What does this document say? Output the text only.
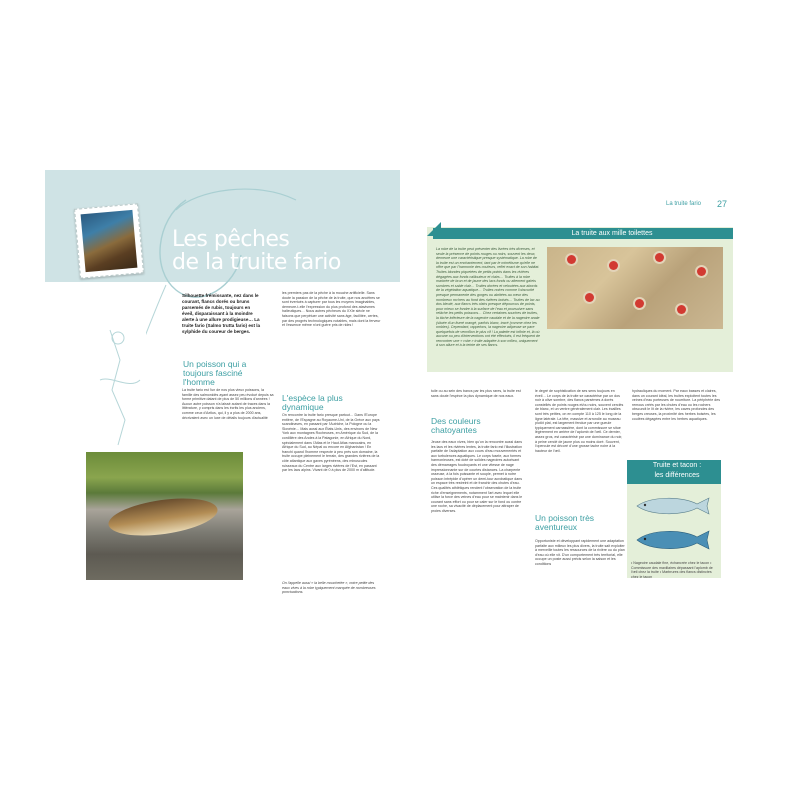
Les pêches
de la truite fario
Silhouette frémissante, nez dans le courant, flancs dorés ou bruns parsemés de rubis, toujours en éveil, disparaissant à la moindre alerte à une allure prodigieuse… La truite fario (Salmo trutta fario) est la sylphide du coureur de berges.
Un poisson qui a toujours fasciné l'homme
La truite fario est l'un de nos plus vieux poissons, la famille des salmonidés ayant assez peu évolué depuis sa forme primitive datant de plus de 50 millions d'années ! Aucun autre poisson n'a laissé autant de traces dans la littérature, y compris dans les écrits les plus anciens, comme ceux d'Aelius, qui, il y a plus de 2000 ans, décrivaient avec un luxe de détails toujours d'actualité
les premiers pas de la pêche à la mouche artificielle. Sans doute la passion de la pêche de la truite, que nos ancêtres se sont évertués à capturer par tous les moyens imaginables, demeure-t-elle l'expression du plus profond des atavismes halieutiques… Nous autres pêcheurs du XXIe siècle ne faisons que perpétuer une activité sans âge, facilitée, certes, par des progrès technologiques notables, mais dont la ferveur et l'essence même n'ont guère pris de rides !
L'espèce la plus dynamique
On rencontre la truite fario presque partout… Dans l'Europe entière, de l'Espagne au Royaume-Uni, de la Grèce aux pays scandinaves, en passant par l'Autriche, la Pologne ou la Slovénie… Mais aussi aux États-Unis, des environs de New York aux montagnes Rocheuses, en Amérique du Sud, de la cordillère des Andes à la Patagonie, en Afrique du Nord, spécialement dans l'Atlas et le Haut Atlas marocains, en Afrique du Sud, au Népal ou encore en Afghanistan ! En franchi quand l'homme respecte à peu près son domaine, la truite occupe pleinement le terrain, des grandes rivières de la côte atlantique aux gaves pyrénéens, des minuscules ruisseaux du Centre aux larges rivières de l'Est, en passant par les lacs alpins. Vivant de 0 à plus de 2000 m d'altitude.
On l'appelle aussi « la belle mouchetée », notre petite des eaux vives à la robe typiquement marquée de nombreuses ponctuations.
La truite fario 27
La truite aux mille toilettes
La robe de la truite peut présenter des livrées très diverses, et seule la présence de points rouges ou noirs, souvent les deux, demeure une caractéristique presque systématique. La robe de la truite est un enchantement, tant par le mimétisme qu'elle ne offre que par l'harmonie des couleurs, reflet exact de son habitat. Truites blondes piquetées de petits points dans les rivières dégagées aux fonds caillouteux et clairs… Truites à la robe marbrée de brun et de jaune des lacs fonds ou alternent galets sombres et sable clair… Truites dorées et veloutées aux abords de la végétation aquatique… Truites noires comme l'obscurité presque permanente des gorges ou abritées au cœur des nombreux rochers au fond des rivières boisés… Truites de lac au dos bleuté, aux flancs très clairs presque dépourvus de points, pour mieux se fondre à la surface de l'eau et poursuivre sans relâche les petits poissons… Chez certaines souches de truites, la tâche inférieure de la nageoire caudale et de la nageoire anale (située d'un liseré orangé, parfois blanc, tracé (comme chez les ombles). Cependant, rappelons, la nageoire adipeuse se pare quelquefois de vermillon le plus vif ! La palette est infinie et, là où aucune ou peu d'interventions ont été effectués, il est fréquent de rencontrer une « robe » truite adaptée à son milieu, uniquement à son allure et à la teinte de ses flancs.
tuile ou au sein des bancs par les plus rares, la truite est sans doute l'espèce la plus dynamique de nos eaux.
Des couleurs chatoyantes
Jeuse des eaux vives, bien qu'on la rencontre aussi dans les lacs et les rivières lentes, la truite fario est l'illustration parfaite de l'adaptation aux cours d'eau mouvementés et aux turbulences aquatiques. Le corps fusele, aux formes harmonieuses, est doté de solides nageoires autorisant des démarrages foudroyants et une vitesse de nage impressionnante sur de courtes distances. La charpente osseuse, à la fois puissante et souple, permet à notre poisson intrépide d'opérer un demi-tour acrobatique dans un espace très restreint et de franchir des chutes d'eau. Ces qualités athlétiques rendent l'observation de la truite riche d'enseignements, notamment l'art avec lequel elle utilise la force des veines d'eau pour se maintenir dans le courant sans effort ou pour se caler sur le fond ou contre une roche, sa vivacité de déplacement pour attraper de proies diverses.
le degré de sophistication de ses sens toujours en éveil… Le corps de la truite se caractérise par un dos noir à olive sombre, des flancs parsèmes à dorés constellés de points rouges et/ou noirs, souvent cerclés de blanc, et un ventre généralement clair. Les écailles sont très petites, on en compte 110 à 125 le long de la ligne latérale. La tête, massive et arrondie au museau plutôt plat, est largement fendue par une gueule typiquement carnassière, dont la commissure se situe légèrement en arrière de l'aplomb de l'œil. Ce dernier, assez gros, est caractérisé par une dominance du noir, à peine cerclé de jaune plus ou moins doré. Souvent, l'opercule est décoré d'une grosse tache noire à la hauteur de l'œil.
Un poisson très aventureux
Opportuniste et développant rapidement une adaptation parfaite aux milieux les plus divers, la truite sait exploiter à merveille toutes les ressources de la rivière ou du plan d'eau où elle vit. D'un comportement très territorial, elle occupe un poste aussi précis selon la saison et les conditions
hydrauliques du moment. Par eaux basses et claires, dans un courant idéal, les truites exploitent toutes les veines d'eau porteuses de nourriture. La périphérie des remous créés par les chutes d'eau ou les rochers obscurcit le lit de la rivière, les caves profondes des berges creuses, la proximité des herbes boisées, les coulées dégagées entre les herbes aquatiques.
Truite et tacon :
les différences
• Nageoire caudale fine, échancrée chez le tacon • Commissure des maxillaires dépassant l'aplomb de l'œil chez la truite • Marbrures des flancs distinctes chez le tacon
